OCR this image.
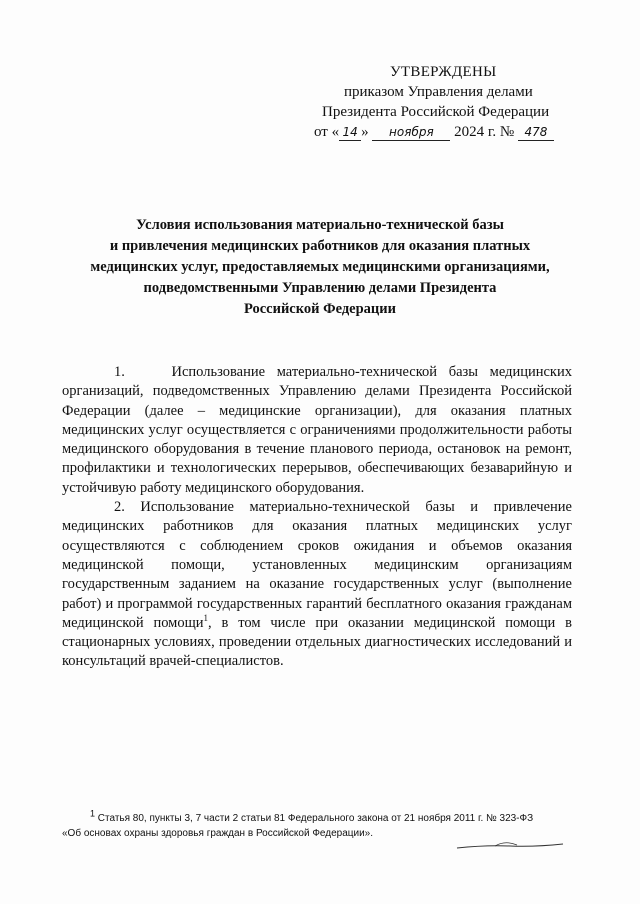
УТВЕРЖДЕНЫ
приказом Управления делами
Президента Российской Федерации
от « 14 » ноября 2024 г. № 478
Условия использования материально-технической базы
и привлечения медицинских работников для оказания платных
медицинских услуг, предоставляемых медицинскими организациями,
подведомственными Управлению делами Президента
Российской Федерации

1.    Использование материально-технической базы медицинских организаций, подведомственных Управлению делами Президента Российской Федерации (далее – медицинские организации), для оказания платных медицинских услуг осуществляется с ограничениями продолжительности работы медицинского оборудования в течение планового периода, остановок на ремонт, профилактики и технологических перерывов, обеспечивающих безаварийную и устойчивую работу медицинского оборудования.

2. Использование материально-технической базы и привлечение медицинских работников для оказания платных медицинских услуг осуществляются с соблюдением сроков ожидания и объемов оказания медицинской помощи, установленных медицинским организациям государственным заданием на оказание государственных услуг (выполнение работ) и программой государственных гарантий бесплатного оказания гражданам медицинской помощи$^1$, в том числе при оказании медицинской помощи в стационарных условиях, проведении отдельных диагностических исследований и консультаций врачей-специалистов.

$^1$ Статья 80, пункты 3, 7 части 2 статьи 81 Федерального закона от 21 ноября 2011 г. № 323-ФЗ
«Об основах охраны здоровья граждан в Российской Федерации».
